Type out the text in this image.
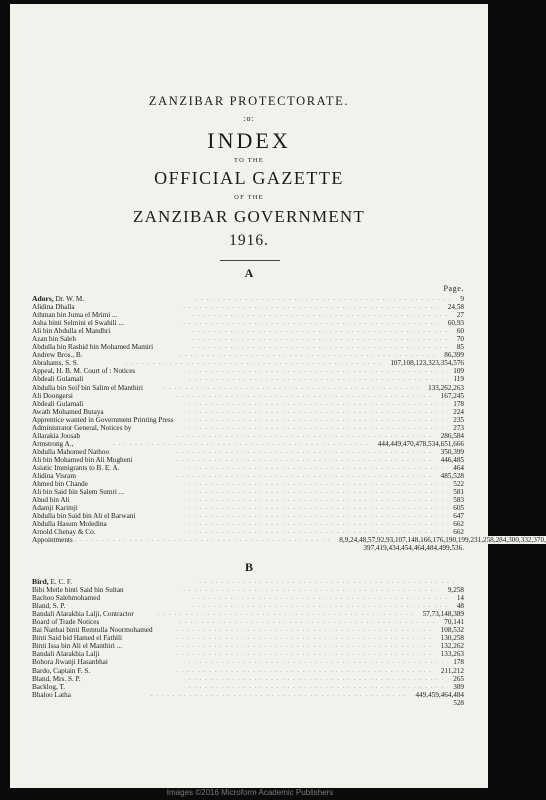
ZANZIBAR PROTECTORATE.
:o:
INDEX
TO THE
OFFICIAL GAZETTE
OF THE
ZANZIBAR GOVERNMENT
1916.
A
Page.
Adors, Dr. W. M.	............................................... 9
Alidina Dhalla	............................................... 24,58
Athman bin Juma el Mrimi ...	............................................... 27
Asha binti Selmini el Swahili ...	............................................... 60,93
Ali bin Abdulla el Mandhri	............................................... 60
Azan bin Saleh	............................................... 70
Abdulla bin Rashid bin Mohamed Mamiri	............................................... 85
Andrew Bros., B.	............................................... 86,399
Abrahams, S. S.	............................................... 107,108,123,323,354,576
Appeal, H. B. M. Court of : Notices	............................................... 109
Abdeali Gulamali	............................................... 119
Abdulla bin Seif bin Salim el Manthiri	............................................... 133,262,263
Ali Doongersi	............................................... 167,245
Abdeali Gulamali	............................................... 178
Awath Mohamed Butaya	............................................... 224
Apprentice wanted in Government Printing Press	............................................... 235
Administrator General, Notices by	............................................... 273
Allarakia Joosab	............................................... 286,584
Armstrong A.,	............................................... 444,449,470,478,534,651,666
Abdulla Mahomed Nathoo	............................................... 350,399
Ali bin Mohamed bin Ali Mugheni	............................................... 446,485
Asiatic Immigrants to B. E. A.	............................................... 464
Alidina Visram	............................................... 485,528
Ahmed bin Chande	............................................... 522
Ali bin Said bin Salem Sumri ...	............................................... 581
Abud bin Ali	............................................... 583
Adamji Karimji	............................................... 605
Abdulla bin Said bin Ali el Barwani	............................................... 647
Abdulla Hasum Moledina	............................................... 662
Arnold Chenay & Co.	............................................... 662
Appointments ............................................... 8,9,24,48,57,92,93,107,148,166,176,190,199,231,258,284,300,332,370,
397,419,434,454,464,484,499,536.
B
Bird, E. C. F.	...............................................
Bibi Metle binti Said bin Sultan	............................................... 9,258
Bachoo Salehmohamed	............................................... 14
Bland, S. P.	............................................... 48
Bandali Alarakhia Lalji, Contractor	............................................... 57,73,148,389
Board of Trade Notices	............................................... 70,141
Bai Nanbai binti Remtulla Noormohamed	............................................... 108,532
Binti Said bid Hamed el Fathili	............................................... 130,258
Binti Issa bin Ali el Manthiri ...	............................................... 132,262
Bandali Alarakhia Lalji	............................................... 133,263
Bohora Jiwanji Hasanbhai	............................................... 178
Bardo, Captain F. S.	............................................... 211,212
Bland, Mrs. S. P.	............................................... 265
Backlog, T.	............................................... 389
Bhaloo Latha	............................................... 449,459,464,484
528
Images ©2016 Microform Academic Publishers
